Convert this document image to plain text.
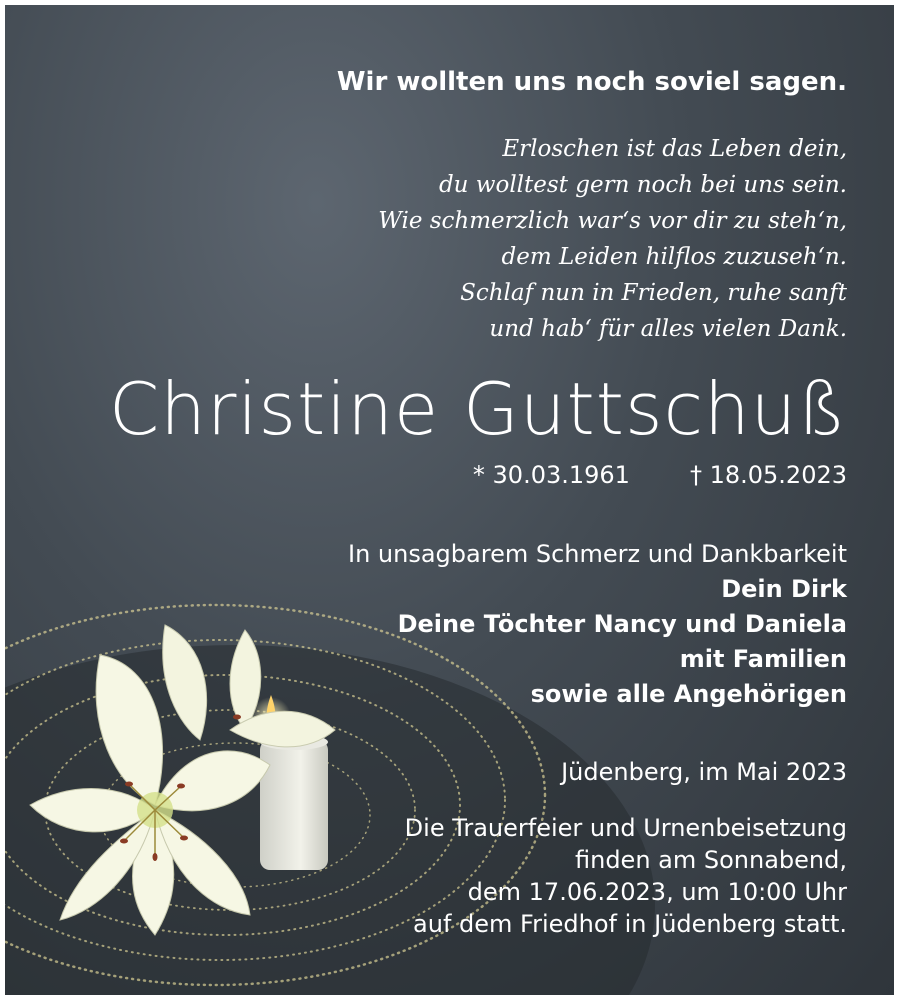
Wir wollten uns noch soviel sagen.
Erloschen ist das Leben dein,
du wolltest gern noch bei uns sein.
Wie schmerzlich war‘s vor dir zu steh‘n,
dem Leiden hilflos zuzuseh‘n.
Schlaf nun in Frieden, ruhe sanft
und hab‘ für alles vielen Dank.
Christine Guttschuß
* 30.03.1961	† 18.05.2023
In unsagbarem Schmerz und Dankbarkeit
Dein Dirk
Deine Töchter Nancy und Daniela
mit Familien
sowie alle Angehörigen
Jüdenberg, im Mai 2023
Die Trauerfeier und Urnenbeisetzung
finden am Sonnabend,
dem 17.06.2023, um 10:00 Uhr
auf dem Friedhof in Jüdenberg statt.
